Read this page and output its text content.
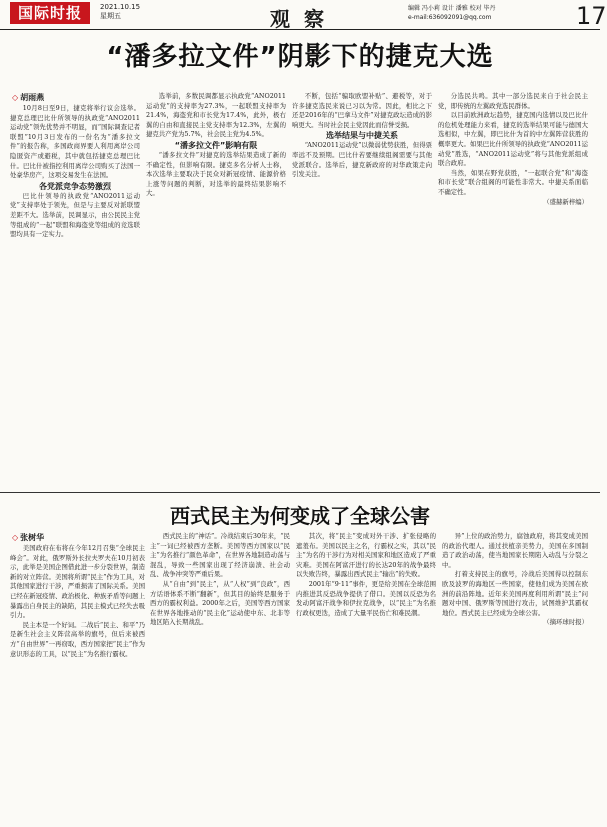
国际时报	2021.10.15
星期五	观察	编辑 冯小莉 设计 潘雅 校对 毕丹
e-mail:636092091@qq.com	17
“潘多拉文件”阴影下的捷克大选
◇ 胡雨燕

10月8日至9日，捷克将举行议会选举。捷克总理巴比什所领导的执政党“ANO2011运动党”领先优势并不明显，而“国际调查记者联盟”10月3日发布的一份名为“潘多拉文件”的报告称，多国政商界要人利用离岸公司隐匿资产或避税，其中就包括捷克总理巴比什。巴比什被指控利用离岸公司购买了法国一处豪华房产，这项交易发生在法国。

各党派竞争态势激烈

巴比什领导的执政党“ANO2011运动党”支持率处于领先，但是与主要反对派联盟差距不大。选举前，民调显示，由公民民主党等组成的“一起”联盟和海盗党等组成的竞选联盟均具有一定实力。

选举前，多数民调都显示执政党“ANO2011运动党”的支持率为27.3%，一起联盟支持率为21.4%，海盗党和市长党为17.4%，此外，极右翼的自由和直接民主党支持率为12.3%，左翼的捷克共产党为5.7%，社会民主党为4.5%。

“潘多拉文件”影响有限

“潘多拉文件”对捷克的选举结果造成了新的不确定性，但影响有限。捷克多名分析人士称，本次选举主要取决于民众对新冠疫情、能源价格上涨等问题的判断，对选举的最终结果影响不大。

不断，包括“骗取欧盟补贴”、避税等，对于许多捷克选民来说已习以为常。因此，相比之下还是2016年的“巴拿马文件”对捷克政坛造成的影响更大。当时社会民主党因此而信誉受损。

选举结果与中捷关系

“ANO2011运动党”以微弱优势获胜，但得票率远不及预期。巴比什若要继续组阁需要与其他党派联合。选举后，捷克新政府的对华政策走向引发关注。

分选民共鸣。其中一部分选民来自于社会民主党，即传统的左翼政党选民群体。

以目前欧洲政坛趋势，捷克国内选情以及巴比什的危机处理能力来看，捷克的选举结果可能与德国大选相似，中左翼，即巴比什为首的中左翼阵营获胜的概率更大。如果巴比什所领导的执政党“ANO2011运动党”胜选，“ANO2011运动党”将与其他党派组成联合政府。

当然，如果在野党获胜，“一起联合党”和“海盗和市长党”联合组阁的可能性非常大。中捷关系面临不确定性。

（盛赫新梓编）

西式民主为何变成了全球公害
◇ 张树华

美国政府在布将在今年12月召集“全球民主峰会”。对此，俄罗斯外长拉夫罗夫在10月初表示，此举是美国企图借此进一步分裂世界，制造新的对立阵营。美国将所谓“民主”作为工具，对其他国家进行干涉，严重损害了国际关系。美国已经在新冠疫情、政治极化、种族矛盾等问题上暴露出自身民主的缺陷，其民主模式已经失去吸引力。

民主本是一个好词。二战后“民主、和平”乃是新生社会主义阵营高举的旗号，但后来被西方“自由世界”一再窃取，西方国家把“民主”作为意识形态的工具，以“民主”为名推行霸权。

西式民主的“神话”。冷战结束后30年来，“民主”一词已经被西方垄断。美国等西方国家以“民主”为名推行“颜色革命”，在世界各地制造动荡与混乱，导致一些国家出现了经济崩溃、社会动乱、战争冲突等严重后果。

从“自由”到“民主”，从“人权”到“良政”，西方话语体系不断“翻新”，但其目的始终是服务于西方的霸权利益。2000年之后，美国等西方国家在世界各地推动的“民主化”运动使中东、北非等地区陷入长期战乱。

其次，将“民主”变成对外干涉、扩张侵略的遮羞布。美国以民主之名，行霸权之实，其以“民主”为名的干涉行为对相关国家和地区造成了严重灾难。美国在阿富汗进行的长达20年的战争最终以失败告终，暴露出西式民主“输出”的失败。

2001年“9·11”事件，更是给美国在全球范围内推进其反恐战争提供了借口。美国以反恐为名发动阿富汗战争和伊拉克战争，以“民主”为名推行政权更迭，造成了大量平民伤亡和难民潮。

异”上位的政治势力，腐蚀政府，将其变成美国的政治代理人。通过扶植亲美势力，美国在多国制造了政治动荡，使当地国家长期陷入动乱与分裂之中。

打着支持民主的旗号，冷战后美国得以控制东欧及波罗的海地区一些国家，使他们成为美国在欧洲的前沿阵地。近年来美国再度利用所谓“民主”问题对中国、俄罗斯等国进行攻击，试图维护其霸权地位。西式民主已经成为全球公害。

（摘环球时报）
